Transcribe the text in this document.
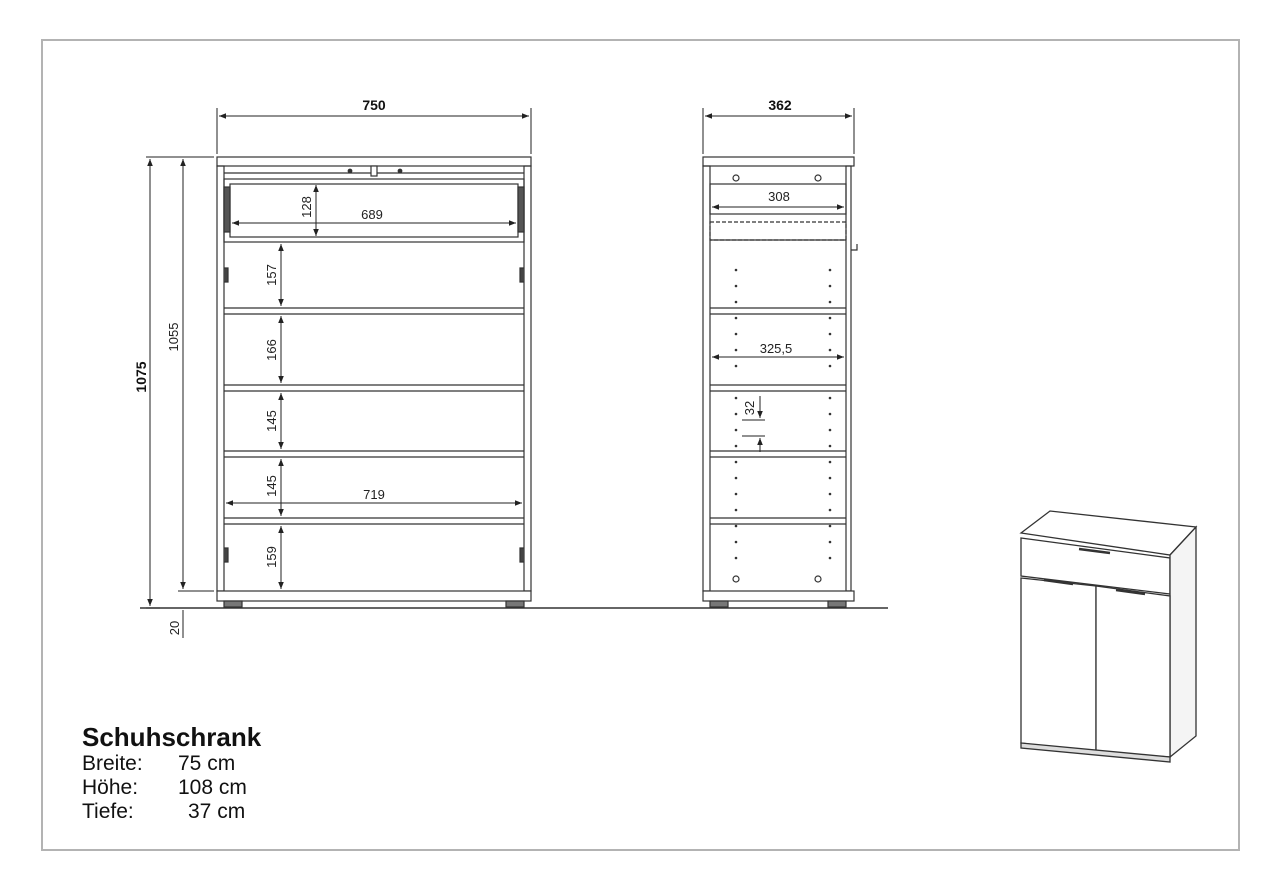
750
1075
1055
20
128	689
157
166
145
145
159
719
362
308
325,5
32
Schuhschrank
Breite: 75 cm
Höhe: 108 cm
Tiefe:	37 cm
